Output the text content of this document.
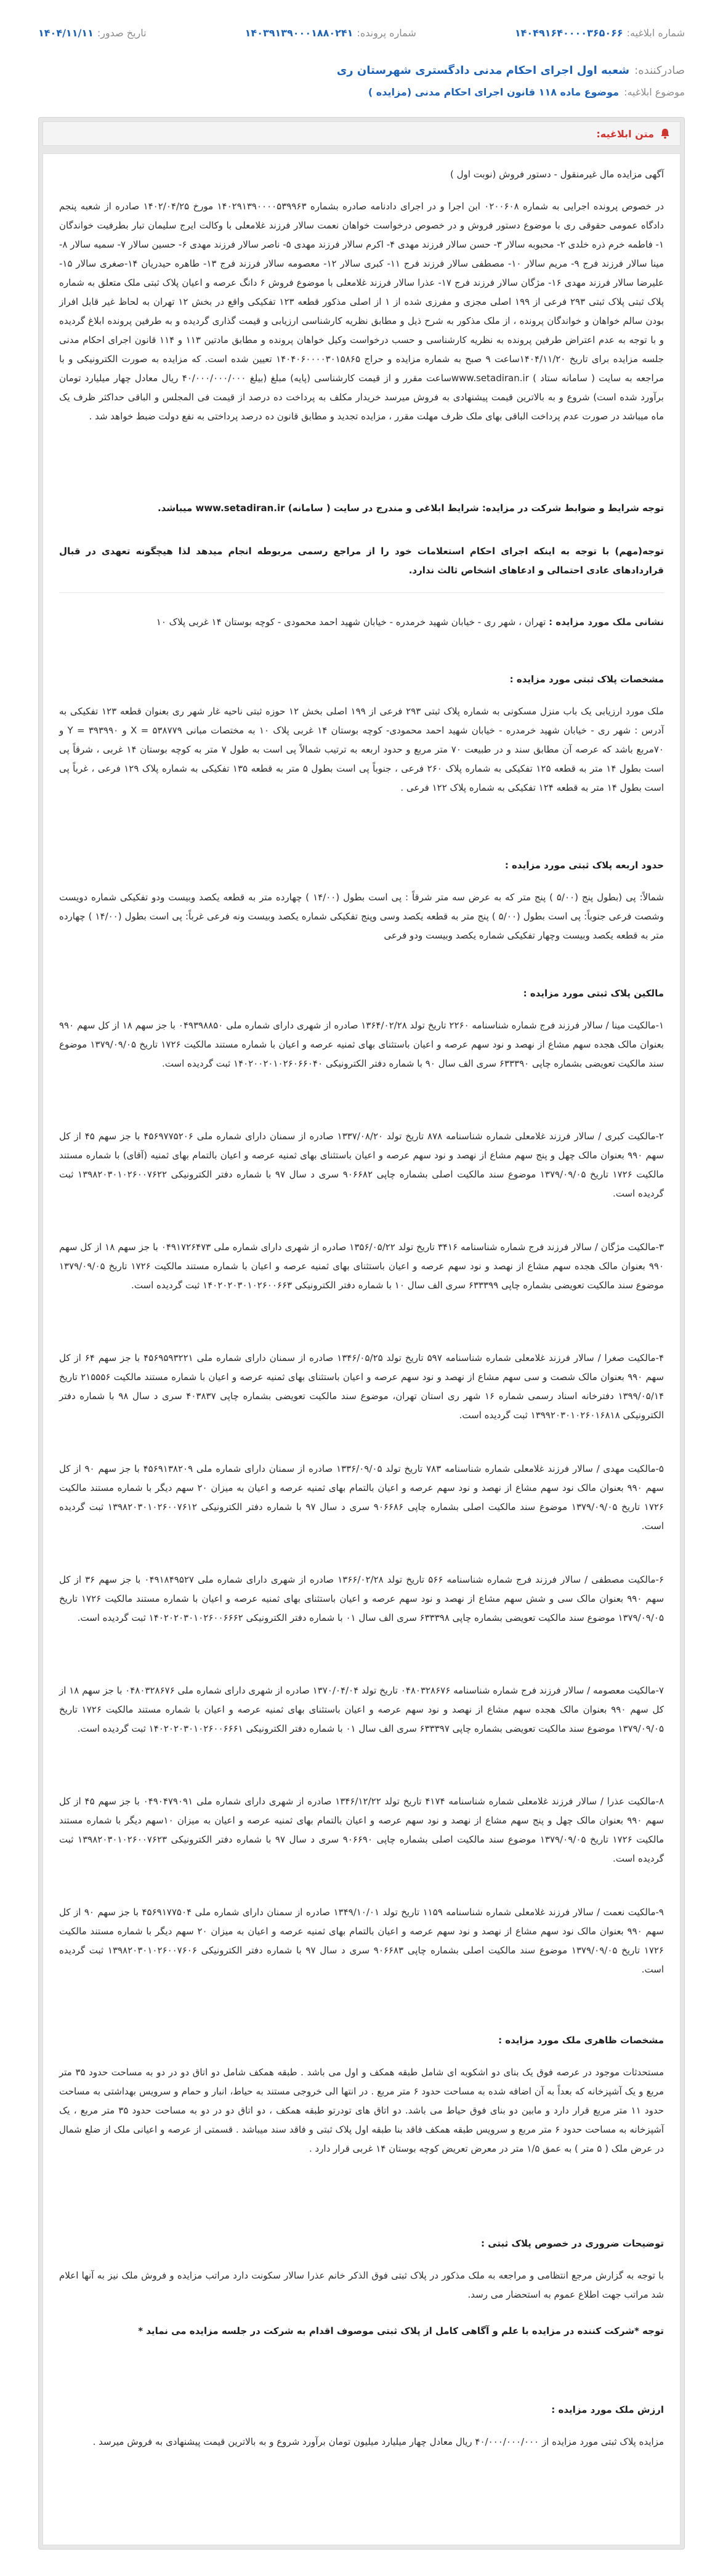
شماره ابلاغیه:
۱۴۰۴۹۱۶۴۰۰۰۰۳۶۵۰۶۶
شماره پرونده:
۱۴۰۳۹۱۳۹۰۰۰۱۸۸۰۲۴۱
تاریخ صدور:
۱۴۰۴/۱۱/۱۱
صادرکننده:
شعبه اول اجرای احکام مدنی دادگستری شهرستان ری
موضوع ابلاغیه:
موضوع ماده ۱۱۸ قانون اجرای احکام مدنی (مزایده )
متن ابلاغیه:
آگهی مزایده مال غیرمنقول - دستور فروش (نوبت اول )
در خصوص پرونده اجرایی به شماره ۰۲۰۰۶۰۸ ابن اجرا و در اجرای دادنامه صادره بشماره ۱۴۰۲۹۱۳۹۰۰۰۰۵۳۹۹۶۳ مورخ ۱۴۰۲/۰۴/۲۵ صادره از شعبه پنجم دادگاه عمومی حقوقی ری با موضوع دستور فروش و در خصوص درخواست خواهان نعمت سالار فرزند غلامعلی با وکالت ایرج سلیمان تبار بطرفیت خواندگان ۱- فاطمه خرم ذره خلدی ۲- محبوبه سالار ۳- حسن سالار فرزند مهدی ۴- اکرم سالار فرزند مهدی ۵- ناصر سالار فرزند مهدی ۶- حسین سالار ۷- سمیه سالار ۸- مینا سالار فرزند فرج ۹- مریم سالار ۱۰- مصطفی سالار فرزند فرج ۱۱- کبری سالار ۱۲- معصومه سالار فرزند فرج ۱۳- طاهره حیدریان ۱۴-صغری سالار ۱۵- علیرضا سالار فرزند مهدی ۱۶- مژگان سالار فرزند فرج ۱۷- عذرا سالار فرزند غلامعلی با موضوع فروش ۶ دانگ عرصه و اعیان پلاک ثبتی ملک متعلق به شماره پلاک ثبتی پلاک ثبتی ۲۹۳ فرعی از ۱۹۹ اصلی مجزی و مفرزی شده از ۱ از اصلی مذکور قطعه ۱۲۳ تفکیکی واقع در بخش ۱۲ تهران به لحاظ غیر قابل افراز بودن سالم خواهان و خواندگان پرونده ، از ملک مذکور به شرح ذیل و مطابق نظریه کارشناسی ارزیابی و قیمت گذاری گردیده و به طرفین پرونده ابلاغ گردیده و با توجه به عدم اعتراض طرفین پرونده به نظریه کارشناسی و حسب درخواست وکیل خواهان پرونده و مطابق مادتین ۱۱۳ و ۱۱۴ قانون اجرای احکام مدنی جلسه مزایده برای تاریخ ۱۴۰۴/۱۱/۲۰ساعت ۹ صبح به شماره مزایده و حراج ۱۴۰۴۰۶۰۰۰۰۳۰۱۵۸۶۵ تعیین شده است. که مزایده به صورت الکترونیکی و با مراجعه به سایت ( سامانه ستاد ) www.setadiran.irساعت مقرر و از قیمت کارشناسی (پایه) مبلغ (بیلغ ۴۰/۰۰۰/۰۰۰/۰۰۰ ریال معادل چهار میلیارد تومان برآورد شده است) شروع و به بالاترین قیمت پیشنهادی به فروش میرسد خریدار مکلف به پرداخت ده درصد از قیمت فی المجلس و الباقی حداکثر ظرف یک ماه میباشد در صورت عدم پرداخت الباقی بهای ملک ظرف مهلت مقرر ، مزایده تجدید و مطابق قانون ده درصد پرداختی به نفع دولت ضبط خواهد شد .
توجه شرایط و ضوابط شرکت در مزایده: شرایط ابلاغی و مندرج در سایت ( سامانه) www.setadiran.ir میباشد.
توجه(مهم) با توجه به اینکه اجرای احکام استعلامات خود را از مراجع رسمی مربوطه انجام میدهد لذا هیچگونه تعهدی در قبال قراردادهای عادی احتمالی و ادعاهای اشخاص ثالث ندارد.
نشانی ملک مورد مزایده : تهران ، شهر ری - خیابان شهید خرمدره - خیابان شهید احمد محمودی - کوچه بوستان ۱۴ غربی پلاک ۱۰
مشخصات پلاک ثبتی مورد مزایده :
ملک مورد ارزیابی یک باب منزل مسکونی به شماره پلاک ثبتی ۲۹۳ فرعی از ۱۹۹ اصلی بخش ۱۲ حوزه ثبتی ناحیه غار شهر ری بعنوان قطعه ۱۲۳ تفکیکی به آدرس : شهر ری - خیابان شهید خرمدره - خیابان شهید احمد محمودی- کوچه بوستان ۱۴ غربی پلاک ۱۰ به مختصات مبانی ۵۳۸۷۷۹ = X و ۳۹۳۹۹۰ = Y و ۷۰مربع باشد که عرصه آن مطابق سند و در طبیعت ۷۰ متر مربع و حدود اربعه به ترتیب شمالاً پی است به طول ۷ متر به کوچه بوستان ۱۴ غربی ، شرقاً پی است بطول ۱۴ متر به قطعه ۱۲۵ تفکیکی به شماره پلاک ۲۶۰ فرعی ، جنوباً پی است بطول ۵ متر به قطعه ۱۳۵ تفکیکی به شماره پلاک ۱۲۹ فرعی ، غرباً پی است بطول ۱۴ متر به قطعه ۱۲۴ تفکیکی به شماره پلاک ۱۲۲ فرعی .
حدود اربعه پلاک ثبتی مورد مزایده :
شمالاً: پی (بطول پنج (۵/۰۰ ) پنج متر که به عرض سه متر شرقاً : پی است بطول (۱۴/۰۰ ) چهارده متر به قطعه یکصد وبیست ودو تفکیکی شماره دویست وشصت فرعی جنوباً: پی است بطول (۵/۰۰ ) پنج متر به قطعه یکصد وسی وپنج تفکیکی شماره یکصد وبیست ونه فرعی غرباً: پی است بطول (۱۴/۰۰ ) چهارده متر به قطعه یکصد وبیست وچهار تفکیکی شماره یکصد وبیست ودو فرعی
مالکین پلاک ثبتی مورد مزایده :
۱-مالکیت مینا / سالار فرزند فرج شماره شناسنامه ۲۲۶۰ تاریخ تولد ۱۳۶۴/۰۲/۲۸ صادره از شهری دارای شماره ملی ۰۴۹۳۹۸۸۵۰ با جز سهم ۱۸ از کل سهم ۹۹۰ بعنوان مالک هجده سهم مشاع از نهصد و نود سهم عرصه و اعیان باستثنای بهای ثمنیه عرصه و اعیان با شماره مستند مالکیت ۱۷۲۶ تاریخ ۱۳۷۹/۰۹/۰۵ موضوع سند مالکیت تعویضی بشماره چاپی ۶۳۳۳۹۰ سری الف سال ۹۰ با شماره دفتر الکترونیکی ۱۴۰۲۰۰۲۰۱۰۲۶۰۶۶۰۴۰ ثبت گردیده است.
۲-مالکیت کبری / سالار فرزند غلامعلی شماره شناسنامه ۸۷۸ تاریخ تولد ۱۳۳۷/۰۸/۲۰ صادره از سمنان دارای شماره ملی ۴۵۶۹۷۷۵۲۰۶ با جز سهم ۴۵ از کل سهم ۹۹۰ بعنوان مالک چهل و پنج سهم مشاع از نهصد و نود سهم عرصه و اعیان باستثنای بهای ثمنیه عرصه و اعیان بالتمام بهای ثمنیه (آقای) با شماره مستند مالکیت ۱۷۲۶ تاریخ ۱۳۷۹/۰۹/۰۵ موضوع سند مالکیت اصلی بشماره چاپی ۹۰۶۶۸۲ سری د سال ۹۷ با شماره دفتر الکترونیکی ۱۳۹۸۲۰۳۰۱۰۲۶۰۰۷۶۲۲ ثبت گردیده است.
۳-مالکیت مژگان / سالار فرزند فرج شماره شناسنامه ۳۴۱۶ تاریخ تولد ۱۳۵۶/۰۵/۲۲ صادره از شهری دارای شماره ملی ۰۴۹۱۷۲۶۴۷۳ با جز سهم ۱۸ از کل سهم ۹۹۰ بعنوان مالک هجده سهم مشاع از نهصد و نود سهم عرصه و اعیان باستثنای بهای ثمنیه عرصه و اعیان با شماره مستند مالکیت ۱۷۲۶ تاریخ ۱۳۷۹/۰۹/۰۵ موضوع سند مالکیت تعویضی بشماره چاپی ۶۳۳۳۹۹ سری الف سال ۱۰ با شماره دفتر الکترونیکی ۱۴۰۲۰۲۰۳۰۱۰۲۶۰۰۶۶۳ ثبت گردیده است.
۴-مالکیت صغرا / سالار فرزند غلامعلی شماره شناسنامه ۵۹۷ تاریخ تولد ۱۳۴۶/۰۵/۲۵ صادره از سمنان دارای شماره ملی ۴۵۶۹۵۹۳۲۲۱ با جز سهم ۶۴ از کل سهم ۹۹۰ بعنوان مالک شصت و سی سهم مشاع از نهصد و نود سهم عرصه و اعیان باستثنای بهای ثمنیه عرصه و اعیان با شماره مستند مالکیت ۲۱۵۵۵۶ تاریخ ۱۳۹۹/۰۵/۱۴ دفترخانه اسناد رسمی شماره ۱۶ شهر ری استان تهران، موضوع سند مالکیت تعویضی بشماره چاپی ۴۰۳۸۳۷ سری د سال ۹۸ با شماره دفتر الکترونیکی ۱۳۹۹۲۰۳۰۱۰۲۶۰۱۶۸۱۸ ثبت گردیده است.
۵-مالکیت مهدی / سالار فرزند غلامعلی شماره شناسنامه ۷۸۳ تاریخ تولد ۱۳۳۶/۰۹/۰۵ صادره از سمنان دارای شماره ملی ۴۵۶۹۱۳۸۲۰۹ با جز سهم ۹۰ از کل سهم ۹۹۰ بعنوان مالک نود سهم مشاع از نهصد و نود سهم عرصه و اعیان بالتمام بهای ثمنیه عرصه و اعیان به میزان ۲۰ سهم دیگر با شماره مستند مالکیت ۱۷۲۶ تاریخ ۱۳۷۹/۰۹/۰۵ موضوع سند مالکیت اصلی بشماره چاپی ۹۰۶۶۸۶ سری د سال ۹۷ با شماره دفتر الکترونیکی ۱۳۹۸۲۰۳۰۱۰۲۶۰۰۷۶۱۲ ثبت گردیده است.
۶-مالکیت مصطفی / سالار فرزند فرج شماره شناسنامه ۵۶۶ تاریخ تولد ۱۳۶۶/۰۲/۲۸ صادره از شهری دارای شماره ملی ۰۴۹۱۸۴۹۵۲۷ با جز سهم ۳۶ از کل سهم ۹۹۰ بعنوان مالک سی و شش سهم مشاع از نهصد و نود سهم عرصه و اعیان باستثنای بهای ثمنیه عرصه و اعیان با شماره مستند مالکیت ۱۷۲۶ تاریخ ۱۳۷۹/۰۹/۰۵ موضوع سند مالکیت تعویضی بشماره چاپی ۶۳۳۳۹۸ سری الف سال ۰۱ با شماره دفتر الکترونیکی ۱۴۰۲۰۲۰۳۰۱۰۲۶۰۰۶۶۶۲ ثبت گردیده است.
۷-مالکیت معصومه / سالار فرزند فرج شماره شناسنامه ۰۴۸۰۳۲۸۶۷۶ تاریخ تولد ۱۳۷۰/۰۴/۰۴ صادره از شهری دارای شماره ملی ۰۴۸۰۳۲۸۶۷۶ با جز سهم ۱۸ از کل سهم ۹۹۰ بعنوان مالک هجده سهم مشاع از نهصد و نود سهم عرصه و اعیان باستثنای بهای ثمنیه عرصه و اعیان با شماره مستند مالکیت ۱۷۲۶ تاریخ ۱۳۷۹/۰۹/۰۵ موضوع سند مالکیت تعویضی بشماره چاپی ۶۳۳۳۹۷ سری الف سال ۰۱ با شماره دفتر الکترونیکی ۱۴۰۲۰۲۰۳۰۱۰۲۶۰۰۶۶۶۱ ثبت گردیده است.
۸-مالکیت عذرا / سالار فرزند غلامعلی شماره شناسنامه ۴۱۷۴ تاریخ تولد ۱۳۴۶/۱۲/۲۲ صادره از شهری دارای شماره ملی ۰۴۹۰۴۷۹۰۹۱ با جز سهم ۴۵ از کل سهم ۹۹۰ بعنوان مالک چهل و پنج سهم مشاع از نهصد و نود سهم عرصه و اعیان بالتمام بهای ثمنیه عرصه و اعیان به میزان ۱۰سهم دیگر با شماره مستند مالکیت ۱۷۲۶ تاریخ ۱۳۷۹/۰۹/۰۵ موضوع سند مالکیت اصلی بشماره چاپی ۹۰۶۶۹۰ سری د سال ۹۷ با شماره دفتر الکترونیکی ۱۳۹۸۲۰۳۰۱۰۲۶۰۰۷۶۲۳ ثبت گردیده است.
۹-مالکیت نعمت / سالار فرزند غلامعلی شماره شناسنامه ۱۱۵۹ تاریخ تولد ۱۳۴۹/۱۰/۰۱ صادره از سمنان دارای شماره ملی ۴۵۶۹۱۷۷۵۰۴ با جز سهم ۹۰ از کل سهم ۹۹۰ بعنوان مالک نود سهم مشاع از نهصد و نود سهم عرصه و اعیان بالتمام بهای ثمنیه عرصه و اعیان به میزان ۲۰ سهم دیگر با شماره مستند مالکیت ۱۷۲۶ تاریخ ۱۳۷۹/۰۹/۰۵ موضوع سند مالکیت اصلی بشماره چاپی ۹۰۶۶۸۳ سری د سال ۹۷ با شماره دفتر الکترونیکی ۱۳۹۸۲۰۳۰۱۰۲۶۰۰۷۶۰۶ ثبت گردیده است.
مشخصات ظاهری ملک مورد مزایده :
مستحدثات موجود در عرصه فوق یک بنای دو اشکوبه ای شامل طبقه همکف و اول می باشد . طبقه همکف شامل دو اتاق دو در دو به مساحت حدود ۳۵ متر مربع و یک آشپزخانه که بعداً به آن اضافه شده به مساحت حدود ۶ متر مربع . در انتها الی خروجی مستند به حیاط، انبار و حمام و سرویس بهداشتی به مساحت حدود ۱۱ متر مربع قرار دارد و مابین دو بنای فوق حیاط می باشد. دو اتاق های تودرتو طبقه همکف ، دو اتاق دو در دو به مساحت حدود ۳۵ متر مربع ، یک آشپزخانه به مساحت حدود ۶ متر مربع و سرویس طبقه همکف فاقد بنا طبقه اول پلاک ثبتی و فاقد سند میباشد . قسمتی از عرصه و اعیانی ملک از ضلع شمال در عرض ملک ( ۵ متر ) به عمق ۱/۵ متر در معرض تعریض کوچه بوستان ۱۴ غربی قرار دارد .
توضیحات ضروری در خصوص پلاک ثبتی :
با توجه به گزارش مرجع انتظامی و مراجعه به ملک مذکور در پلاک ثبتی فوق الذکر خانم عذرا سالار سکونت دارد مراتب مزایده و فروش ملک نیز به آنها اعلام شد مراتب جهت اطلاع عموم به استحضار می رسد.
توجه *شرکت کننده در مزایده با علم و آگاهی کامل از پلاک ثبتی موصوف اقدام به شرکت در جلسه مزایده می نماید *
ارزش ملک مورد مزایده :
مزایده پلاک ثبتی مورد مزایده از ۴۰/۰۰۰/۰۰۰/۰۰۰ ریال معادل چهار میلیارد میلیون تومان برآورد شروع و به بالاترین قیمت پیشنهادی به فروش میرسد .
